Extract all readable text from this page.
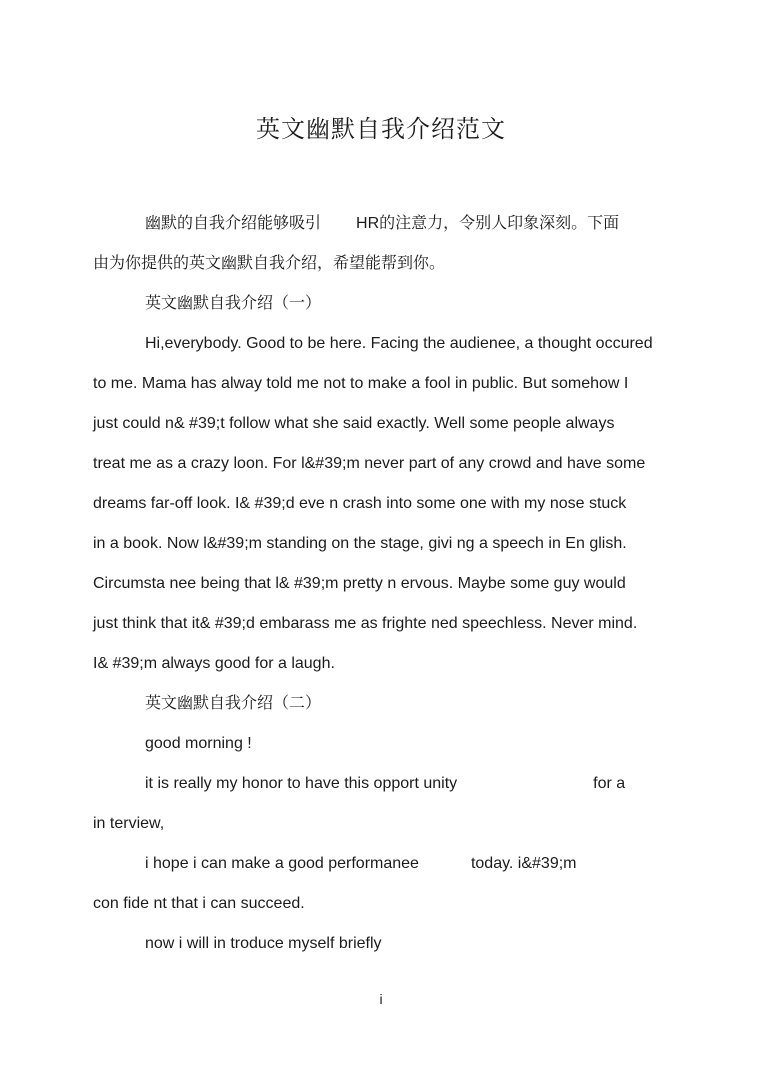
英文幽默自我介绍范文
幽默的自我介绍能够吸引 HR的注意力，令别人印象深刻。下面
由为你提供的英文幽默自我介绍，希望能帮到你。
英文幽默自我介绍（一）
Hi,everybody. Good to be here. Facing the audienee, a thought occured
to me. Mama has alway told me not to make a fool in public. But somehow I
just could n& #39;t follow what she said exactly. Well some people always
treat me as a crazy loon. For l&#39;m never part of any crowd and have some
dreams far-off look. I& #39;d eve n crash into some one with my nose stuck
in a book. Now l&#39;m standing on the stage, givi ng a speech in En glish.
Circumsta nee being that l& #39;m pretty n ervous. Maybe some guy would
just think that it& #39;d embarass me as frighte ned speechless. Never mind.
I& #39;m always good for a laugh.
英文幽默自我介绍（二）
good morning !
it is really my honor to have this opport unity	for a
in terview,
i hope i can make a good performanee	today. i&#39;m
con fide nt that i can succeed.
now i will in troduce myself briefly
i
